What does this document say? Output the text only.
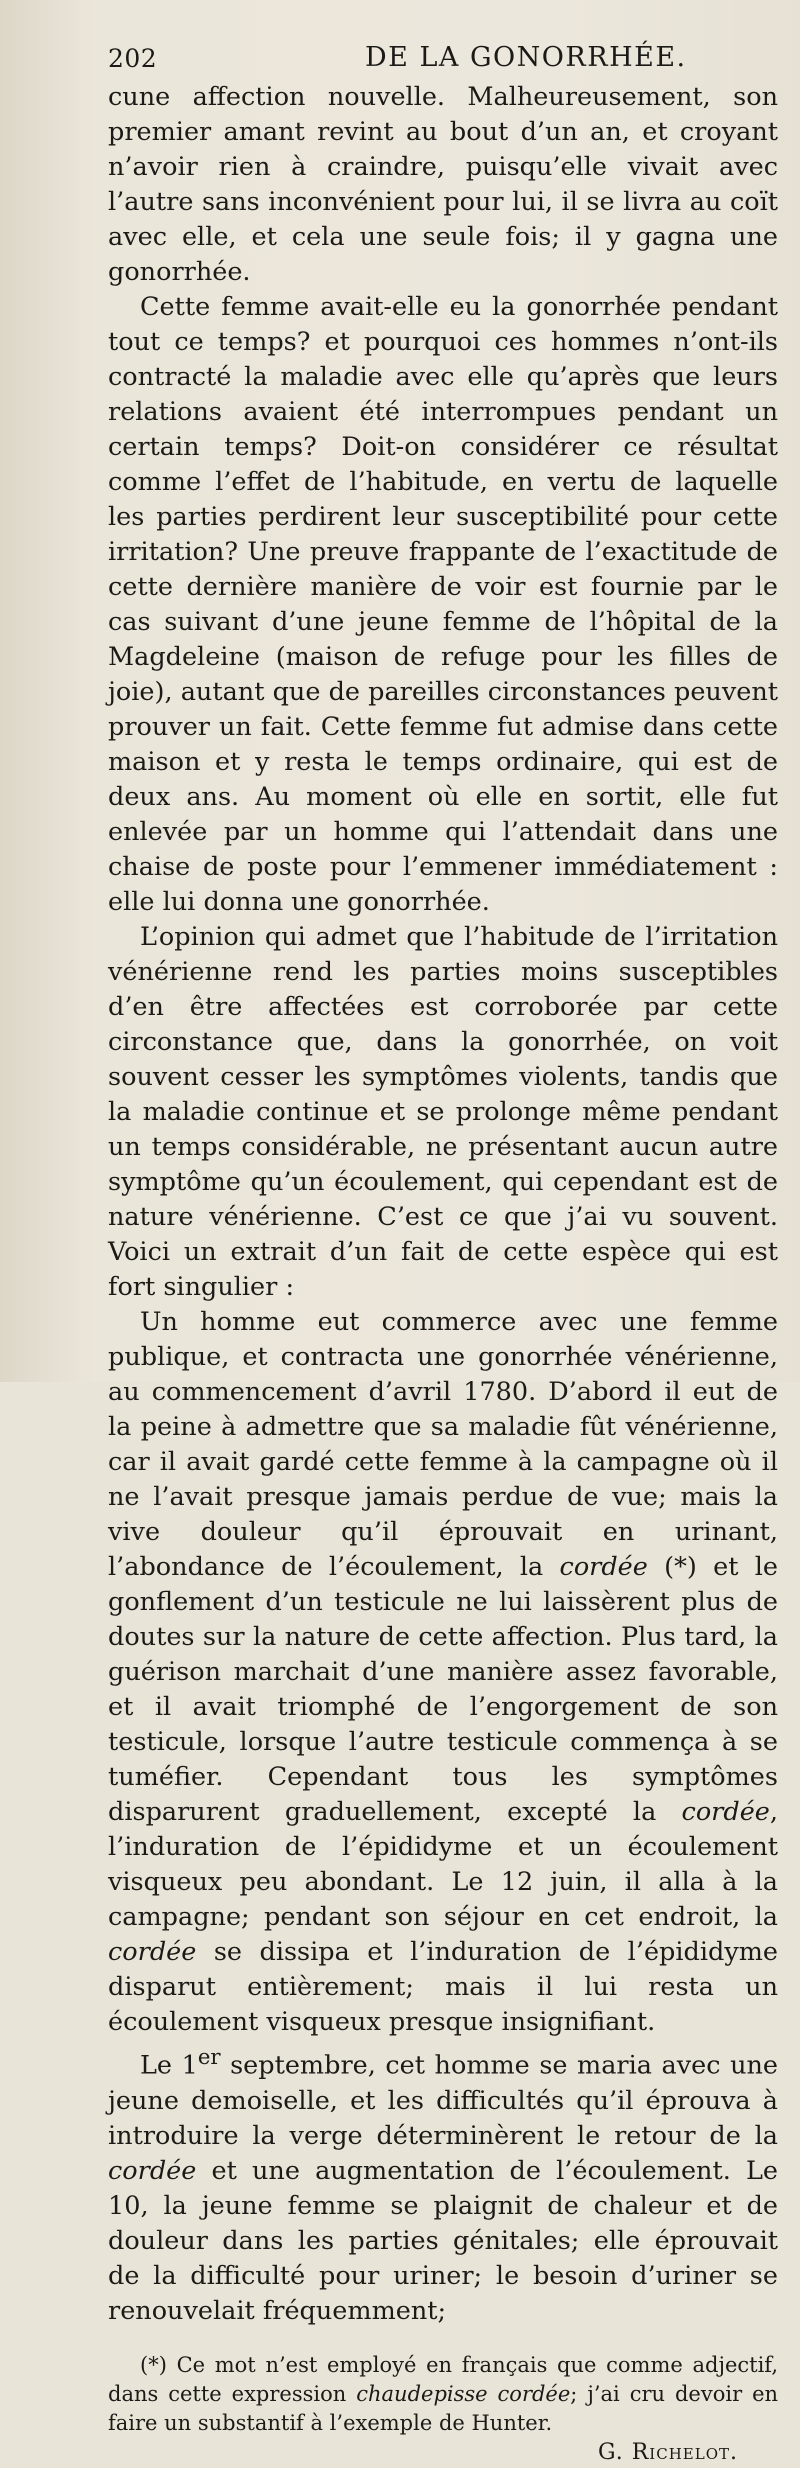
202	DE LA GONORRHÉE.

cune affection nouvelle. Malheureusement, son premier amant revint au bout d’un an, et croyant n’avoir rien à craindre, puisqu’elle vivait avec l’autre sans inconvénient pour lui, il se livra au coït avec elle, et cela une seule fois; il y gagna une gonorrhée.

Cette femme avait-elle eu la gonorrhée pendant tout ce temps? et pourquoi ces hommes n’ont-ils contracté la maladie avec elle qu’après que leurs relations avaient été interrompues pendant un certain temps? Doit-on considérer ce résultat comme l’effet de l’habitude, en vertu de laquelle les parties perdirent leur susceptibilité pour cette irritation? Une preuve frappante de l’exactitude de cette dernière manière de voir est fournie par le cas suivant d’une jeune femme de l’hôpital de la Magdeleine (maison de refuge pour les filles de joie), autant que de pareilles circonstances peuvent prouver un fait. Cette femme fut admise dans cette maison et y resta le temps ordinaire, qui est de deux ans. Au moment où elle en sortit, elle fut enlevée par un homme qui l’attendait dans une chaise de poste pour l’emmener immédiatement : elle lui donna une gonorrhée.

L’opinion qui admet que l’habitude de l’irritation vénérienne rend les parties moins susceptibles d’en être affectées est corroborée par cette circonstance que, dans la gonorrhée, on voit souvent cesser les symptômes violents, tandis que la maladie continue et se prolonge même pendant un temps considérable, ne présentant aucun autre symptôme qu’un écoulement, qui cependant est de nature vénérienne. C’est ce que j’ai vu souvent. Voici un extrait d’un fait de cette espèce qui est fort singulier :

Un homme eut commerce avec une femme publique, et contracta une gonorrhée vénérienne, au commencement d’avril 1780. D’abord il eut de la peine à admettre que sa maladie fût vénérienne, car il avait gardé cette femme à la campagne où il ne l’avait presque jamais perdue de vue; mais la vive douleur qu’il éprouvait en urinant, l’abondance de l’écoulement, la cordée (*) et le gonflement d’un testicule ne lui laissèrent plus de doutes sur la nature de cette affection. Plus tard, la guérison marchait d’une manière assez favorable, et il avait triomphé de l’engorgement de son testicule, lorsque l’autre testicule commença à se tuméfier. Cependant tous les symptômes disparurent graduellement, excepté la cordée, l’induration de l’épididyme et un écoulement visqueux peu abondant. Le 12 juin, il alla à la campagne; pendant son séjour en cet endroit, la cordée se dissipa et l’induration de l’épididyme disparut entièrement; mais il lui resta un écoulement visqueux presque insignifiant.

Le 1er septembre, cet homme se maria avec une jeune demoiselle, et les difficultés qu’il éprouva à introduire la verge déterminèrent le retour de la cordée et une augmentation de l’écoulement. Le 10, la jeune femme se plaignit de chaleur et de douleur dans les parties génitales; elle éprouvait de la difficulté pour uriner; le besoin d’uriner se renouvelait fréquemment;

(*) Ce mot n’est employé en français que comme adjectif, dans cette expression chaudepisse cordée; j’ai cru devoir en faire un substantif à l’exemple de Hunter.
G. Richelot.
